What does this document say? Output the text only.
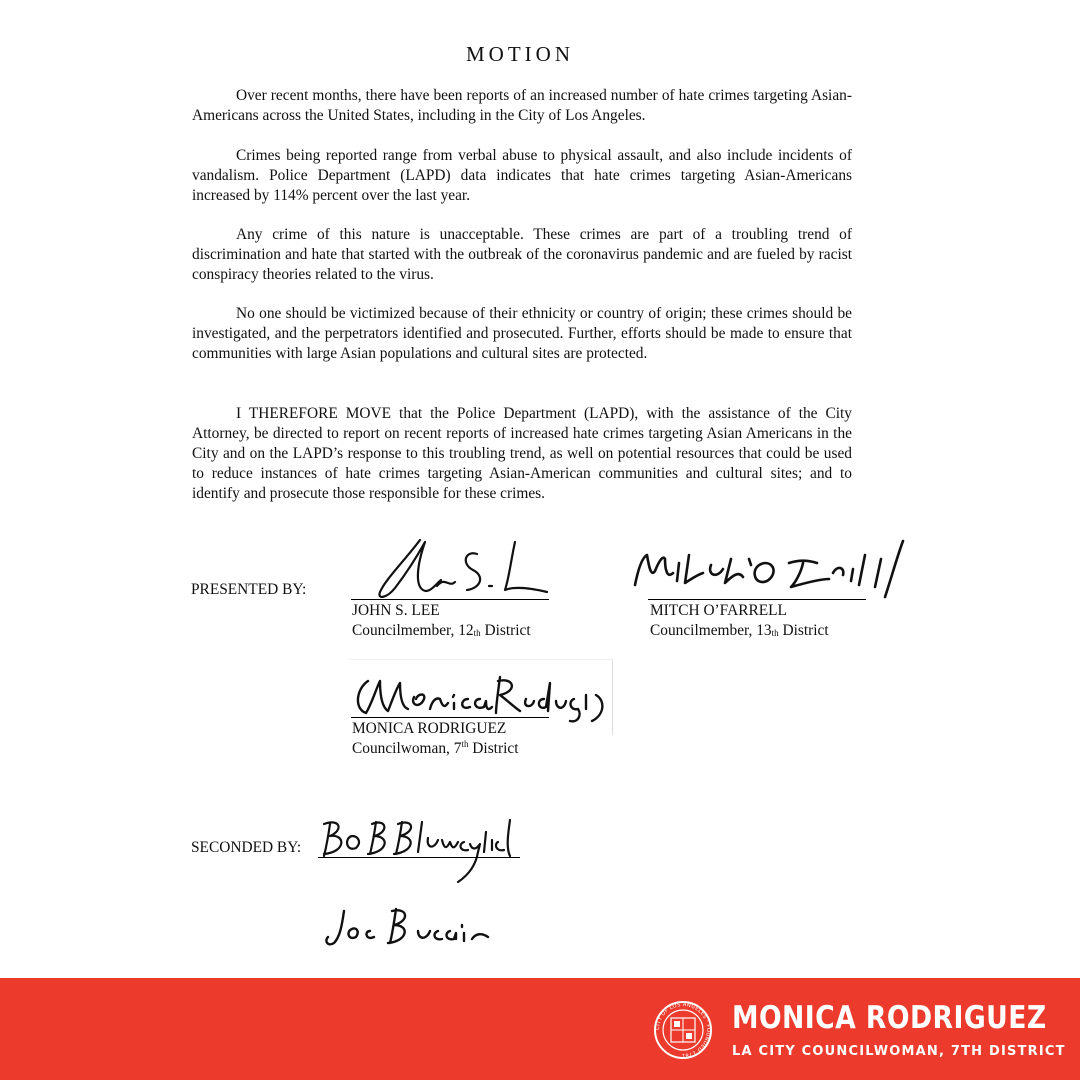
MOTION

Over recent months, there have been reports of an increased number of hate crimes targeting Asian-Americans across the United States, including in the City of Los Angeles.

Crimes being reported range from verbal abuse to physical assault, and also include incidents of vandalism. Police Department (LAPD) data indicates that hate crimes targeting Asian-Americans increased by 114% percent over the last year.

Any crime of this nature is unacceptable. These crimes are part of a troubling trend of discrimination and hate that started with the outbreak of the coronavirus pandemic and are fueled by racist conspiracy theories related to the virus.

No one should be victimized because of their ethnicity or country of origin; these crimes should be investigated, and the perpetrators identified and prosecuted. Further, efforts should be made to ensure that communities with large Asian populations and cultural sites are protected.

I THEREFORE MOVE that the Police Department (LAPD), with the assistance of the City Attorney, be directed to report on recent reports of increased hate crimes targeting Asian Americans in the City and on the LAPD’s response to this troubling trend, as well on potential resources that could be used to reduce instances of hate crimes targeting Asian-American communities and cultural sites; and to identify and prosecute those responsible for these crimes.

PRESENTED BY:
JOHN S. LEE
Councilmember, $12_{th}$ District
MITCH O’FARRELL
Councilmember, $13_{th}$ District
MONICA RODRIGUEZ
Councilwoman, 7th District
SECONDED BY:
CITY OF LOS ANGELES · FOUNDED 1781
MONICA RODRIGUEZ
LA CITY COUNCILWOMAN, 7TH DISTRICT
